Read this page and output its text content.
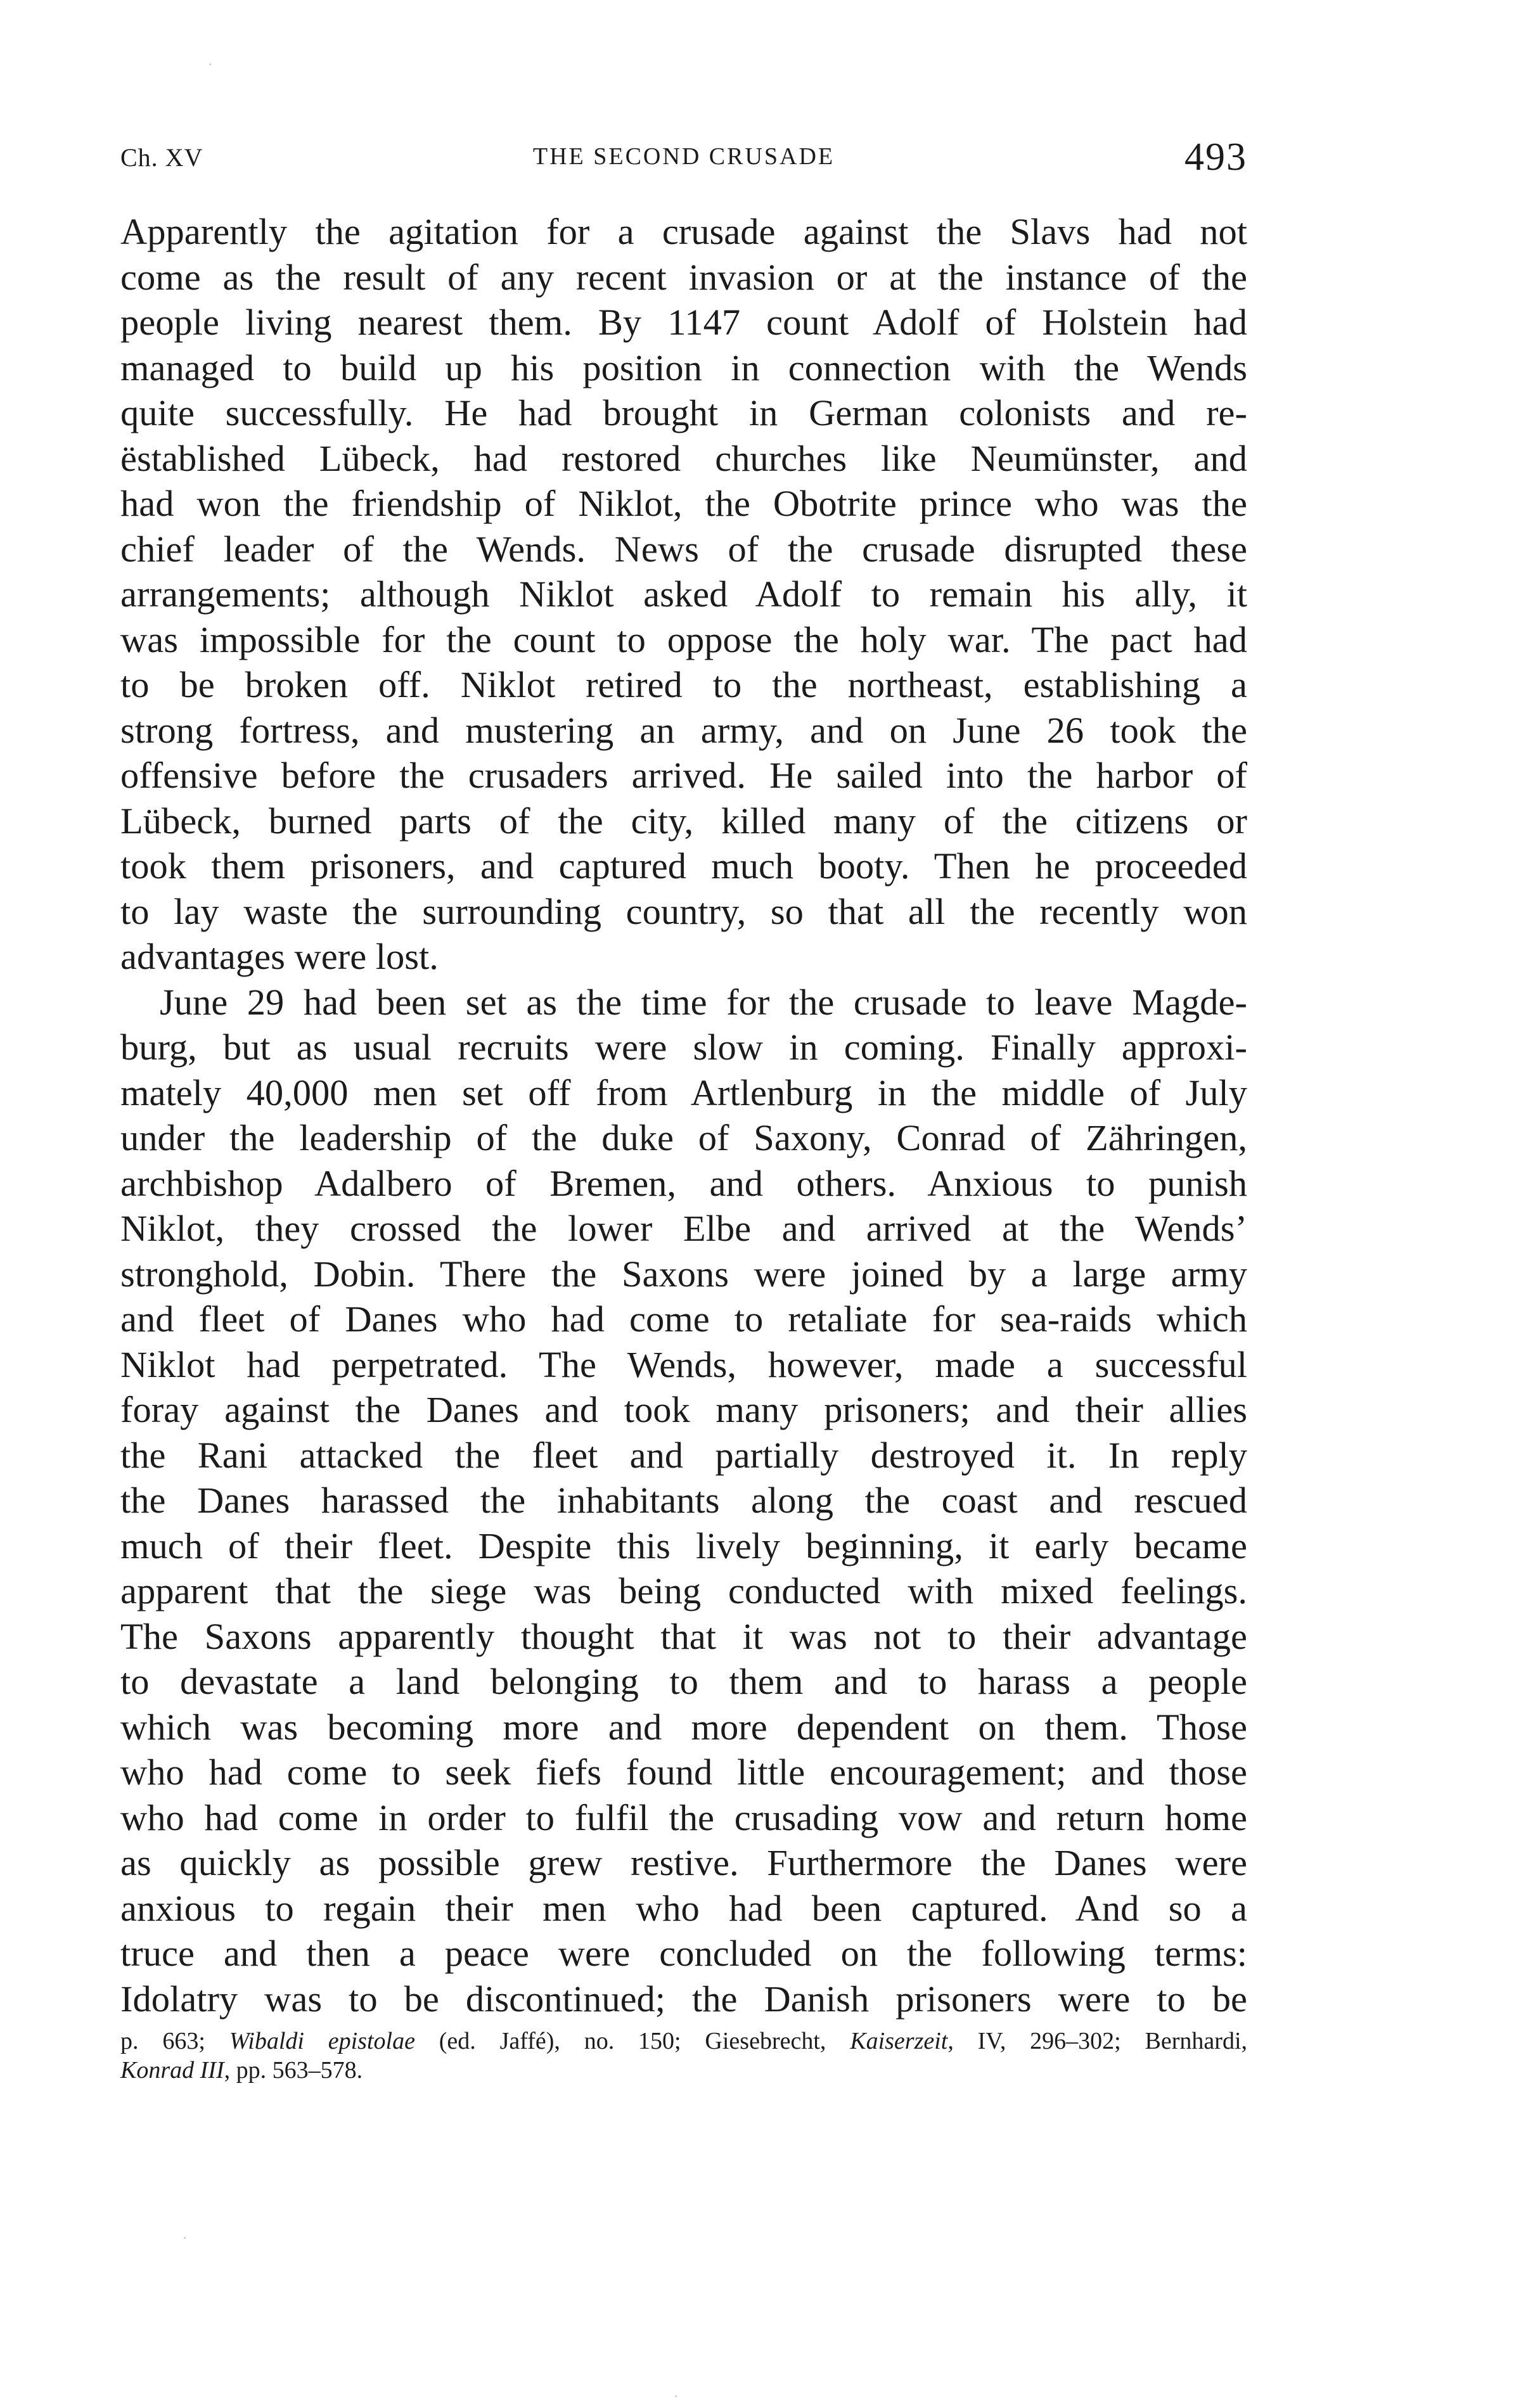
Ch. XV	THE SECOND CRUSADE	493
Apparently the agitation for a crusade against the Slavs had not
come as the result of any recent invasion or at the instance of the
people living nearest them. By 1147 count Adolf of Holstein had
managed to build up his position in connection with the Wends
quite successfully. He had brought in German colonists and re-
ëstablished Lübeck, had restored churches like Neumünster, and
had won the friendship of Niklot, the Obotrite prince who was the
chief leader of the Wends. News of the crusade disrupted these
arrangements; although Niklot asked Adolf to remain his ally, it
was impossible for the count to oppose the holy war. The pact had
to be broken off. Niklot retired to the northeast, establishing a
strong fortress, and mustering an army, and on June 26 took the
offensive before the crusaders arrived. He sailed into the harbor of
Lübeck, burned parts of the city, killed many of the citizens or
took them prisoners, and captured much booty. Then he proceeded
to lay waste the surrounding country, so that all the recently won
advantages were lost.
June 29 had been set as the time for the crusade to leave Magde-
burg, but as usual recruits were slow in coming. Finally approxi-
mately 40,000 men set off from Artlenburg in the middle of July
under the leadership of the duke of Saxony, Conrad of Zähringen,
archbishop Adalbero of Bremen, and others. Anxious to punish
Niklot, they crossed the lower Elbe and arrived at the Wends’
stronghold, Dobin. There the Saxons were joined by a large army
and fleet of Danes who had come to retaliate for sea-raids which
Niklot had perpetrated. The Wends, however, made a successful
foray against the Danes and took many prisoners; and their allies
the Rani attacked the fleet and partially destroyed it. In reply
the Danes harassed the inhabitants along the coast and rescued
much of their fleet. Despite this lively beginning, it early became
apparent that the siege was being conducted with mixed feelings.
The Saxons apparently thought that it was not to their advantage
to devastate a land belonging to them and to harass a people
which was becoming more and more dependent on them. Those
who had come to seek fiefs found little encouragement; and those
who had come in order to fulfil the crusading vow and return home
as quickly as possible grew restive. Furthermore the Danes were
anxious to regain their men who had been captured. And so a
truce and then a peace were concluded on the following terms:
Idolatry was to be discontinued; the Danish prisoners were to be
p. 663; Wibaldi epistolae (ed. Jaffé), no. 150; Giesebrecht, Kaiserzeit, IV, 296–302; Bernhardi,
Konrad III, pp. 563–578.
